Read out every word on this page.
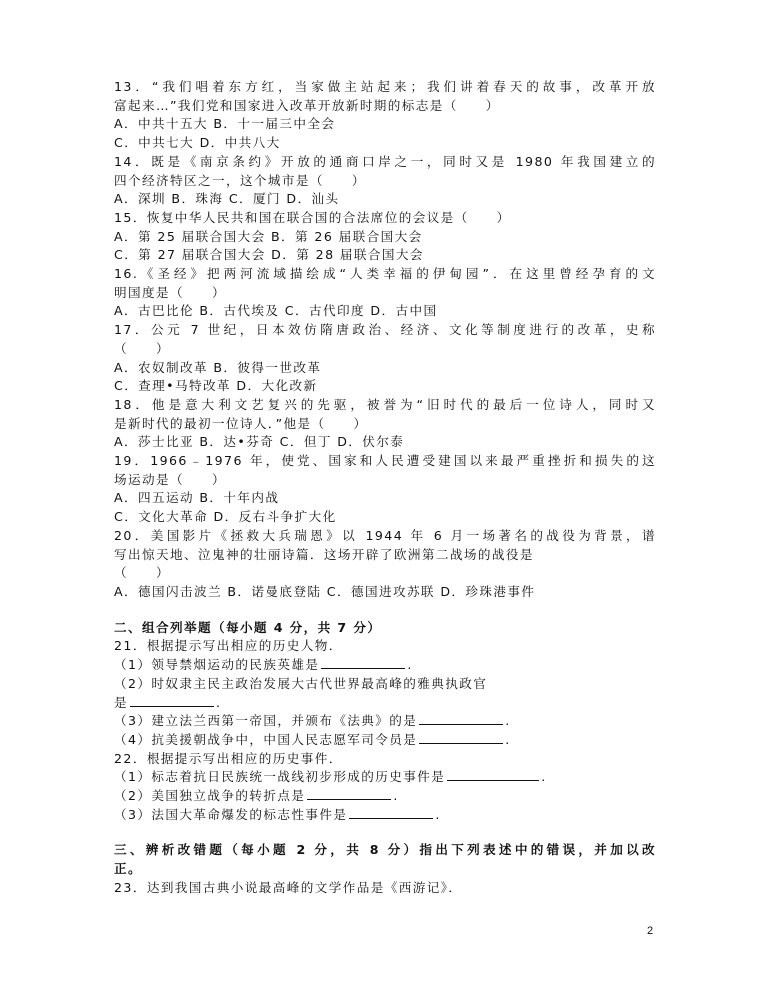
13．“我们唱着东方红，当家做主站起来；我们讲着春天的故事，改革开放
富起来…”我们党和国家进入改革开放新时期的标志是（　　）
A．中共十五大 B．十一届三中全会
C．中共七大 D．中共八大
14．既是《南京条约》开放的通商口岸之一，同时又是 1980 年我国建立的
四个经济特区之一，这个城市是（　　）
A．深圳 B．珠海 C．厦门 D．汕头
15．恢复中华人民共和国在联合国的合法席位的会议是（　　）
A．第 25 届联合国大会 B．第 26 届联合国大会
C．第 27 届联合国大会 D．第 28 届联合国大会
16.《圣经》把两河流域描绘成“人类幸福的伊甸园”．在这里曾经孕育的文
明国度是（　　）
A．古巴比伦 B．古代埃及 C．古代印度 D．古中国
17．公元 7 世纪，日本效仿隋唐政治、经济、文化等制度进行的改革，史称
（　　）
A．农奴制改革 B．彼得一世改革
C．查理•马特改革 D．大化改新
18．他是意大利文艺复兴的先驱，被誉为“旧时代的最后一位诗人，同时又
是新时代的最初一位诗人．”他是（　　）
A．莎士比亚 B．达•芬奇 C．但丁 D．伏尔泰
19．1966﹣1976 年，使党、国家和人民遭受建国以来最严重挫折和损失的这
场运动是（　　）
A．四五运动 B．十年内战
C．文化大革命 D．反右斗争扩大化
20．美国影片《拯救大兵瑞恩》以 1944 年 6 月一场著名的战役为背景，谱
写出惊天地、泣鬼神的壮丽诗篇．这场开辟了欧洲第二战场的战役是
（　　）
A．德国闪击波兰 B．诺曼底登陆 C．德国进攻苏联 D．珍珠港事件
二、组合列举题（每小题 4 分，共 7 分）
21．根据提示写出相应的历史人物．
（1）领导禁烟运动的民族英雄是	.
（2）时奴隶主民主政治发展大古代世界最高峰的雅典执政官
是	.
（3）建立法兰西第一帝国，并颁布《法典》的是	.
（4）抗美援朝战争中，中国人民志愿军司令员是	.
22．根据提示写出相应的历史事件．
（1）标志着抗日民族统一战线初步形成的历史事件是	.
（2）美国独立战争的转折点是	.
（3）法国大革命爆发的标志性事件是	.
三、辨析改错题（每小题 2 分，共 8 分）指出下列表述中的错误，并加以改
正。
23．达到我国古典小说最高峰的文学作品是《西游记》．
2
